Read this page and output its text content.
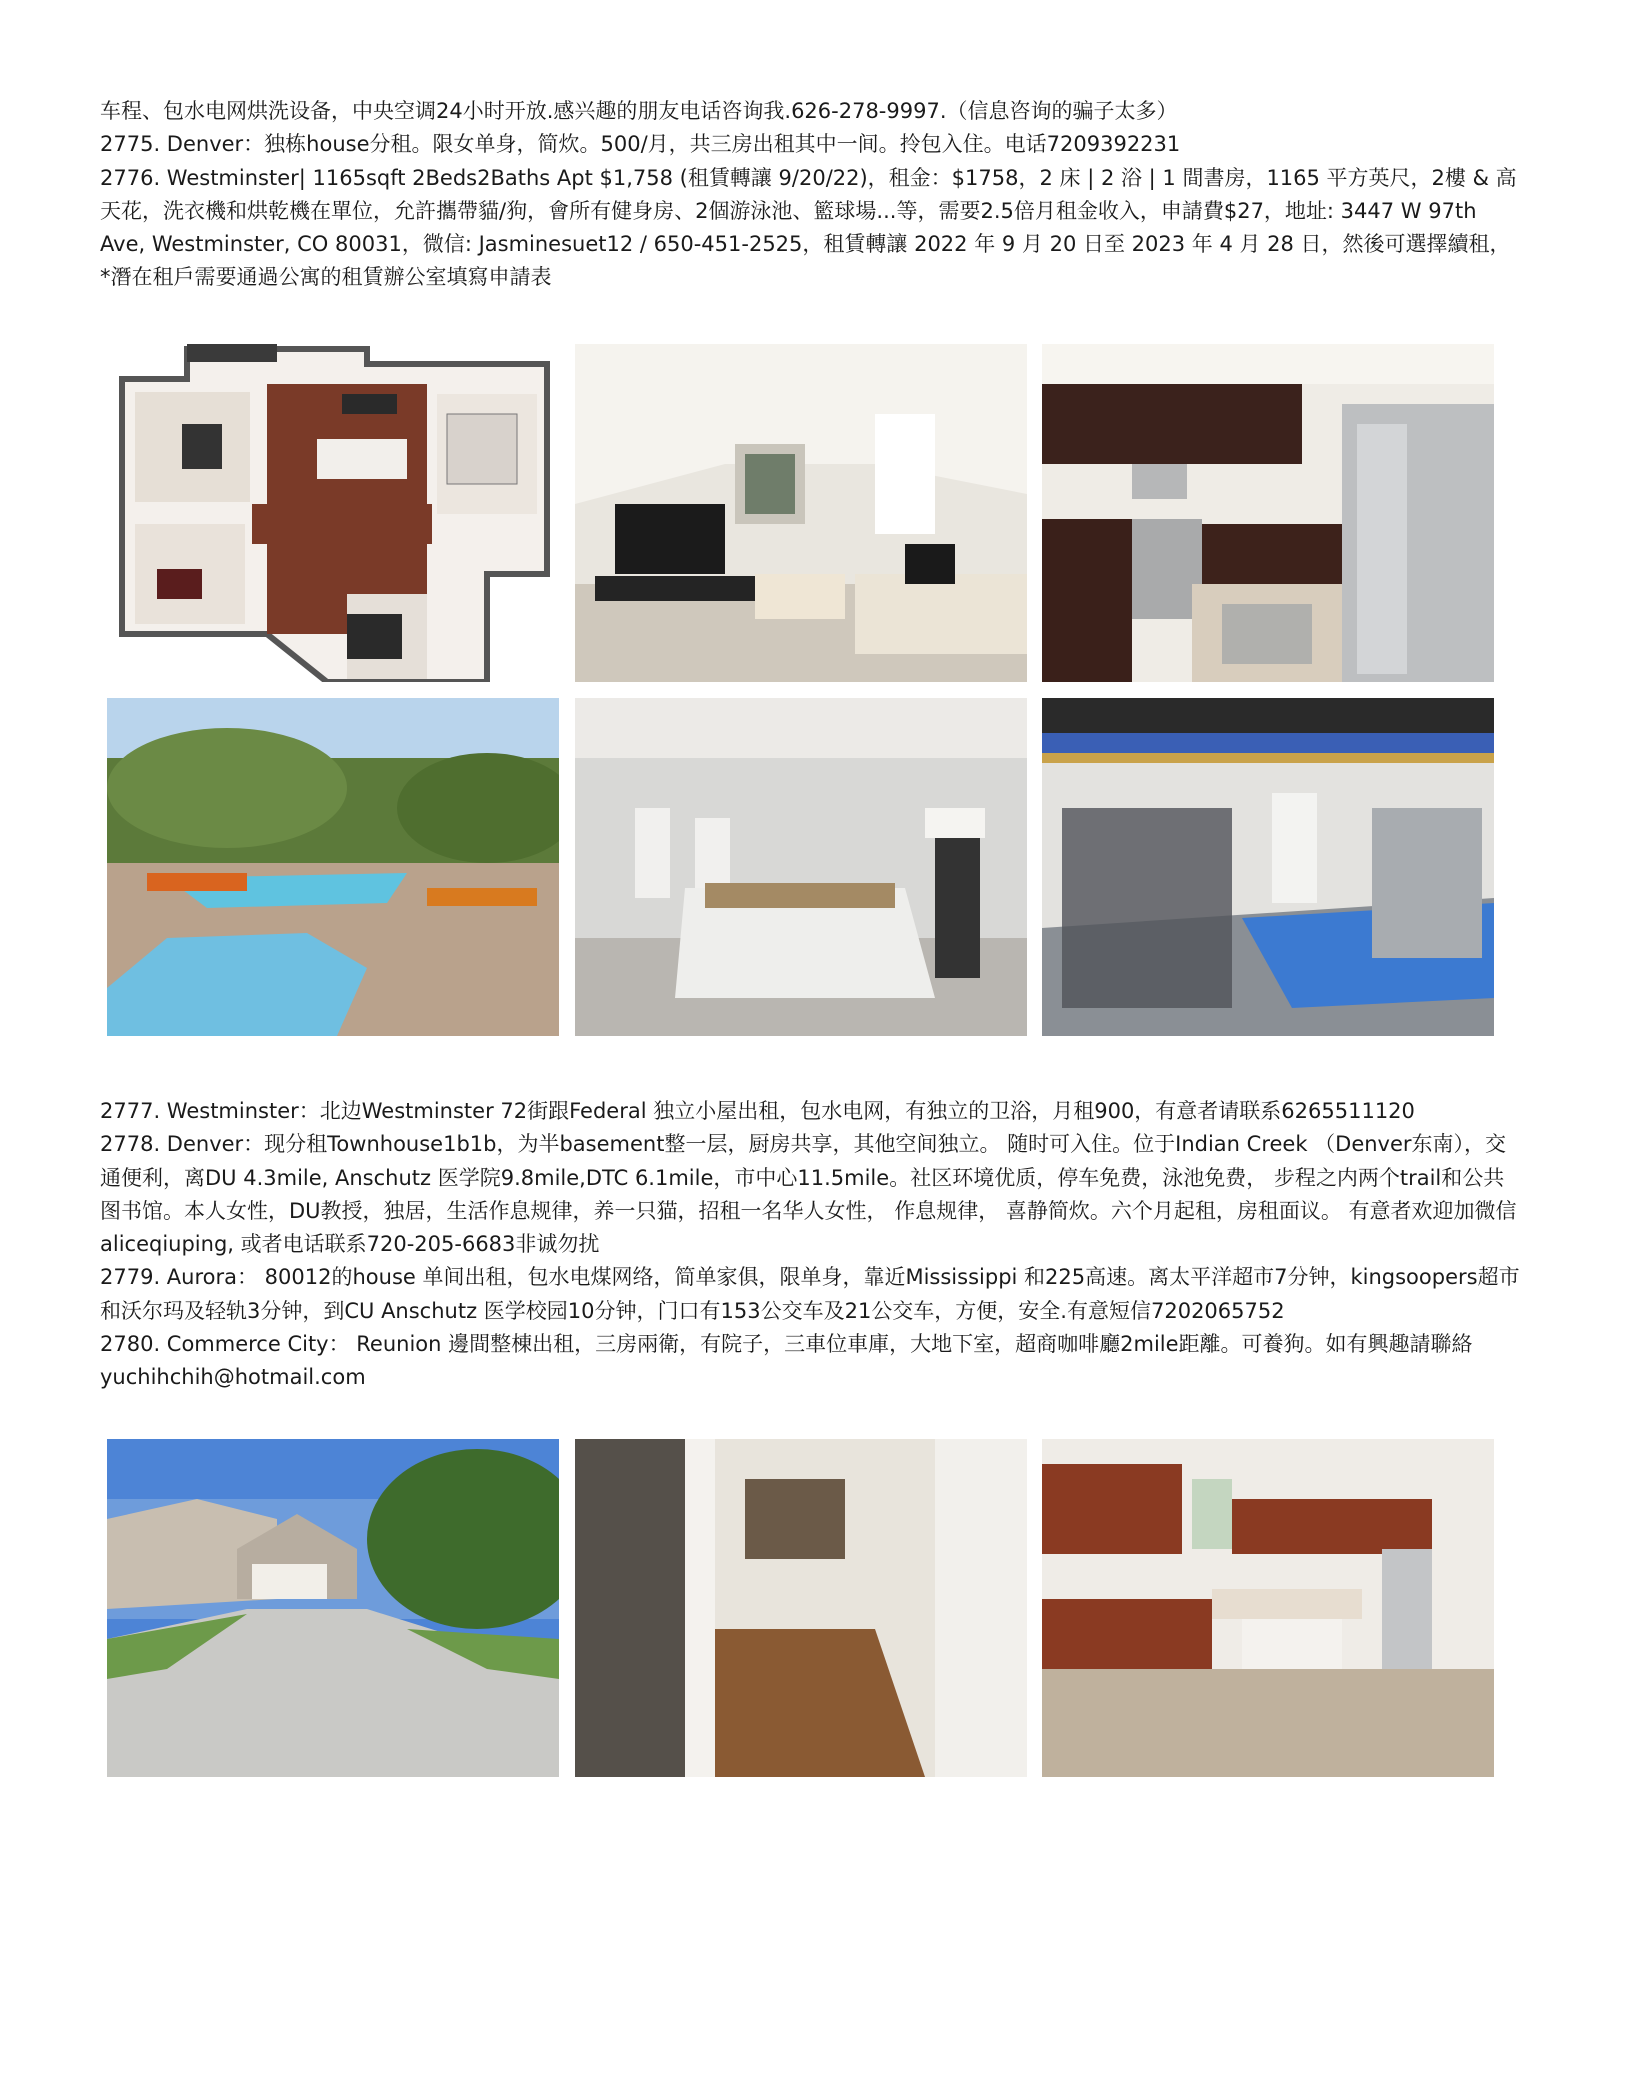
车程、包水电网烘洗设备，中央空调24小时开放.感兴趣的朋友电话咨询我.626-278-9997.（信息咨询的骗子太多）

2775. Denver：独栋house分租。限女单身，简炊。500/月，共三房出租其中一间。拎包入住。电话7209392231

2776. Westminster| 1165sqft 2Beds2Baths Apt $1,758 (租賃轉讓 9/20/22)，租金：$1758，2 床 | 2 浴 | 1 間書房，1165 平方英尺，2樓 & 高天花，洗衣機和烘乾機在單位，允許攜帶貓/狗，會所有健身房、2個游泳池、籃球場...等，需要2.5倍月租金收入，申請費$27，地址: 3447 W 97th Ave, Westminster, CO 80031，微信: Jasminesuet12 / 650-451-2525，租賃轉讓 2022 年 9 月 20 日至 2023 年 4 月 28 日，然後可選擇續租，*潛在租戶需要通過公寓的租賃辦公室填寫申請表

2777. Westminster：北边Westminster 72街跟Federal 独立小屋出租，包水电网，有独立的卫浴，月租900，有意者请联系6265511120

2778. Denver：现分租Townhouse1b1b，为半basement整一层，厨房共享，其他空间独立。 随时可入住。位于Indian Creek （Denver东南），交通便利，离DU 4.3mile, Anschutz 医学院9.8mile,DTC 6.1mile，市中心11.5mile。社区环境优质，停车免费，泳池免费， 步程之内两个trail和公共图书馆。本人女性，DU教授，独居，生活作息规律，养一只猫，招租一名华人女性， 作息规律， 喜静简炊。六个月起租，房租面议。 有意者欢迎加微信aliceqiuping, 或者电话联系720-205-6683非诚勿扰

2779. Aurora： 80012的house 单间出租，包水电煤网络，简单家俱，限单身，靠近Mississippi 和225高速。离太平洋超市7分钟，kingsoopers超市和沃尔玛及轻轨3分钟，到CU Anschutz 医学校园10分钟，门口有153公交车及21公交车，方便，安全.有意短信7202065752

2780. Commerce City： Reunion 邊間整棟出租，三房兩衛，有院子，三車位車庫，大地下室，超商咖啡廳2mile距離。可養狗。如有興趣請聯絡yuchihchih@hotmail.com
